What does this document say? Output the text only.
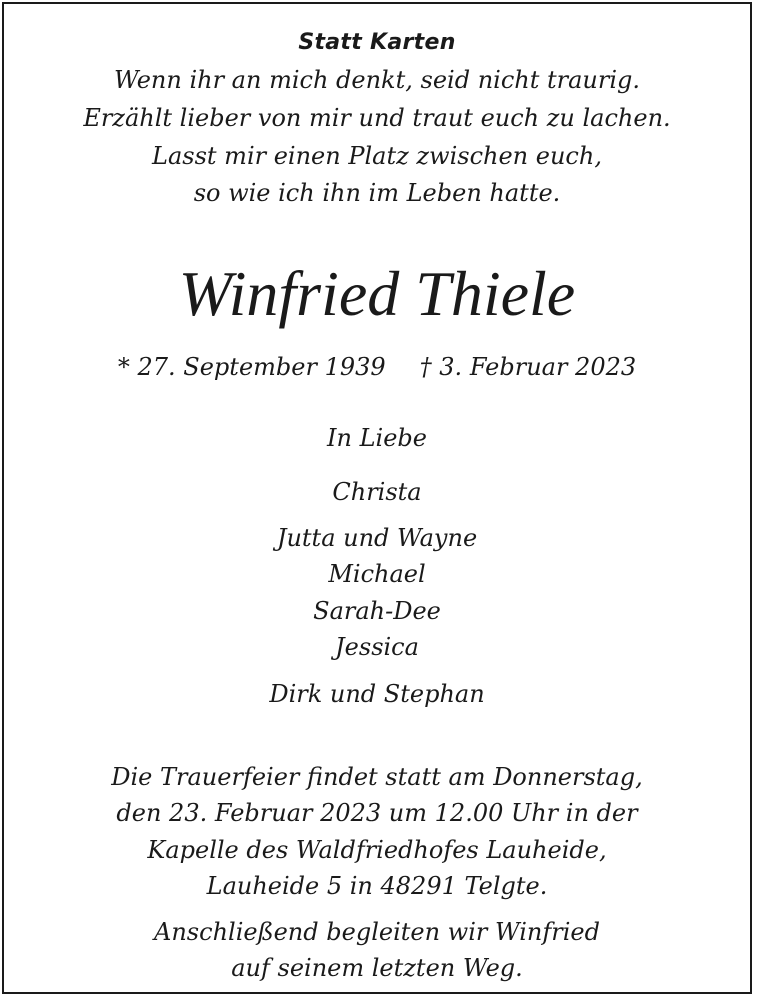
Statt Karten
Wenn ihr an mich denkt, seid nicht traurig.
Erzählt lieber von mir und traut euch zu lachen.
Lasst mir einen Platz zwischen euch,
so wie ich ihn im Leben hatte.
Winfried Thiele
* 27. September 1939 † 3. Februar 2023
In Liebe
Christa
Jutta und Wayne
Michael
Sarah-Dee
Jessica
Dirk und Stephan
Die Trauerfeier findet statt am Donnerstag,
den 23. Februar 2023 um 12.00 Uhr in der
Kapelle des Waldfriedhofes Lauheide,
Lauheide 5 in 48291 Telgte.
Anschließend begleiten wir Winfried
auf seinem letzten Weg.
